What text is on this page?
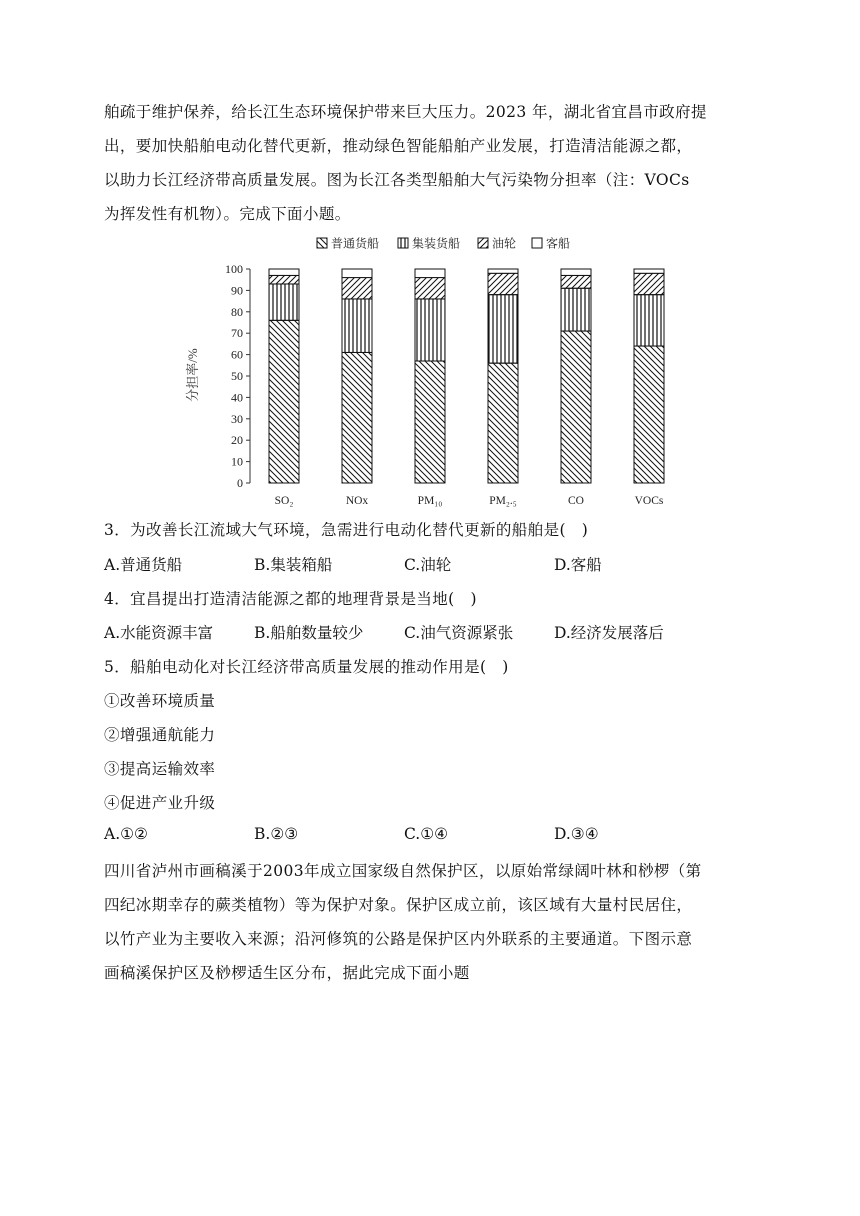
舶疏于维护保养，给长江生态环境保护带来巨大压力。2023 年，湖北省宜昌市政府提
出，要加快船舶电动化替代更新，推动绿色智能船舶产业发展，打造清洁能源之都，
以助力长江经济带高质量发展。图为长江各类型船舶大气污染物分担率（注：VOCs
为挥发性有机物）。完成下面小题。
普通货船	集装货船	油轮 客船
0
10
20
30
40
50
60
70
80
90
100
分担率/%
SO₂	NOx	PM₁₀	PM₂.₅	CO	VOCs
3．为改善长江流域大气环境，急需进行电动化替代更新的船舶是(　)
A.普通货船	B.集装箱船	C.油轮	D.客船
4．宜昌提出打造清洁能源之都的地理背景是当地(　)
A.水能资源丰富	B.船舶数量较少	C.油气资源紧张	D.经济发展落后
5．船舶电动化对长江经济带高质量发展的推动作用是(　)
①改善环境质量
②增强通航能力
③提高运输效率
④促进产业升级
A.①②	B.②③	C.①④	D.③④
四川省泸州市画稿溪于2003年成立国家级自然保护区，以原始常绿阔叶林和桫椤（第
四纪冰期幸存的蕨类植物）等为保护对象。保护区成立前，该区域有大量村民居住，
以竹产业为主要收入来源；沿河修筑的公路是保护区内外联系的主要通道。下图示意
画稿溪保护区及桫椤适生区分布，据此完成下面小题
